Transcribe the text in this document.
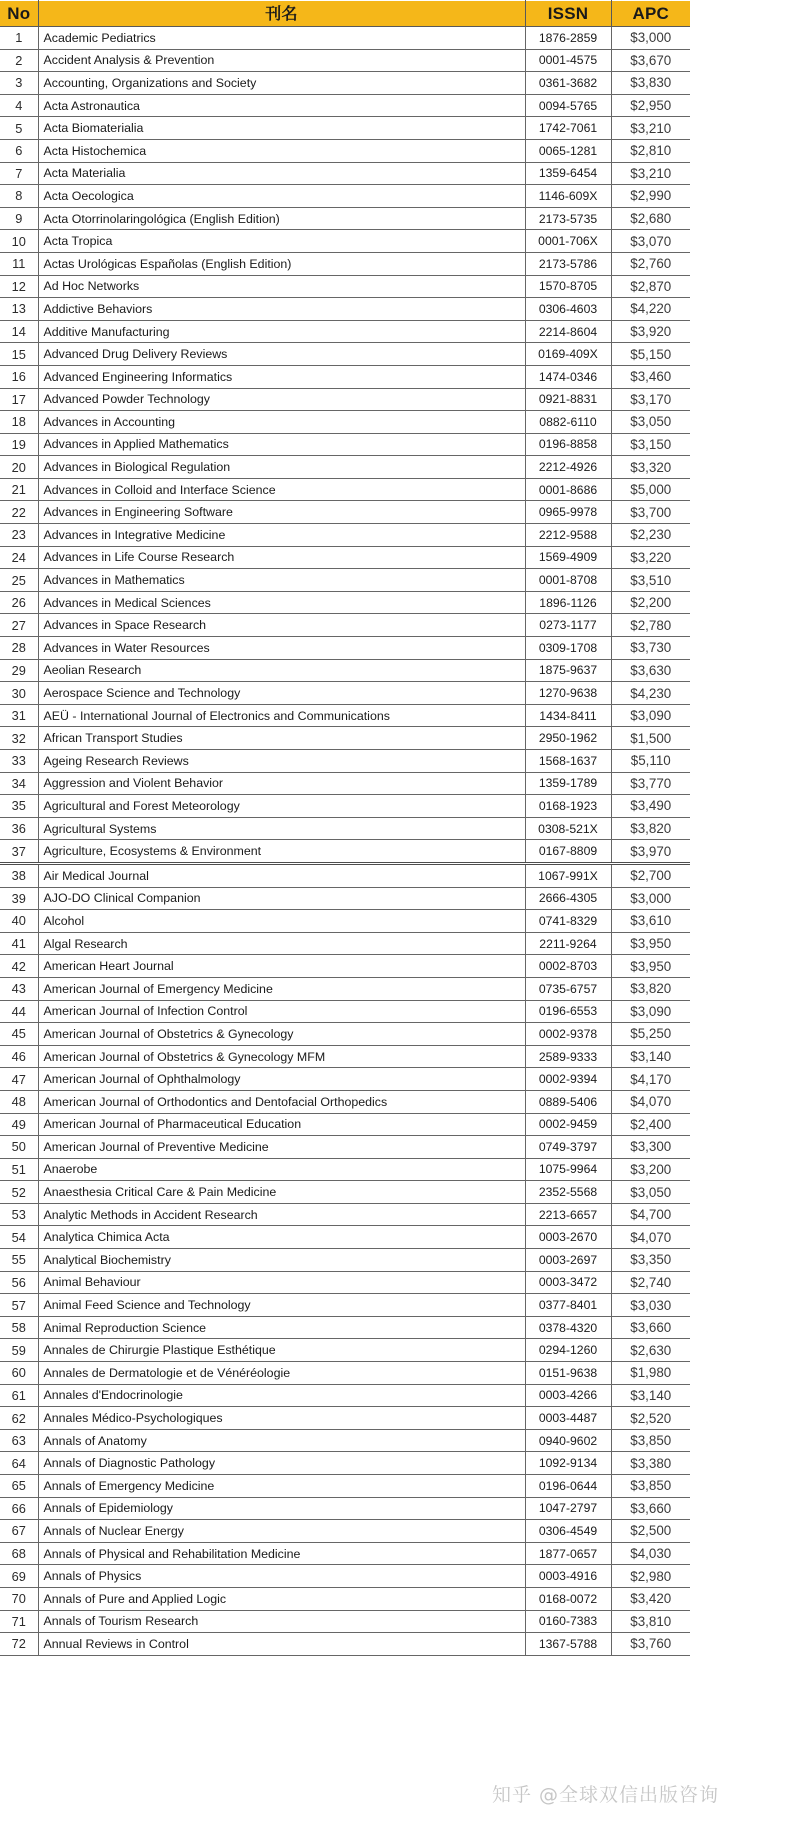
No	刊名	ISSN	APC
1	Academic Pediatrics	1876-2859	$3,000
2	Accident Analysis & Prevention	0001-4575	$3,670
3	Accounting, Organizations and Society	0361-3682	$3,830
4	Acta Astronautica	0094-5765	$2,950
5	Acta Biomaterialia	1742-7061	$3,210
6	Acta Histochemica	0065-1281	$2,810
7	Acta Materialia	1359-6454	$3,210
8	Acta Oecologica	1146-609X	$2,990
9	Acta Otorrinolaringológica (English Edition)	2173-5735	$2,680
10	Acta Tropica	0001-706X	$3,070
11	Actas Urológicas Españolas (English Edition)	2173-5786	$2,760
12	Ad Hoc Networks	1570-8705	$2,870
13	Addictive Behaviors	0306-4603	$4,220
14	Additive Manufacturing	2214-8604	$3,920
15	Advanced Drug Delivery Reviews	0169-409X	$5,150
16	Advanced Engineering Informatics	1474-0346	$3,460
17	Advanced Powder Technology	0921-8831	$3,170
18	Advances in Accounting	0882-6110	$3,050
19	Advances in Applied Mathematics	0196-8858	$3,150
20	Advances in Biological Regulation	2212-4926	$3,320
21	Advances in Colloid and Interface Science	0001-8686	$5,000
22	Advances in Engineering Software	0965-9978	$3,700
23	Advances in Integrative Medicine	2212-9588	$2,230
24	Advances in Life Course Research	1569-4909	$3,220
25	Advances in Mathematics	0001-8708	$3,510
26	Advances in Medical Sciences	1896-1126	$2,200
27	Advances in Space Research	0273-1177	$2,780
28	Advances in Water Resources	0309-1708	$3,730
29	Aeolian Research	1875-9637	$3,630
30	Aerospace Science and Technology	1270-9638	$4,230
31	AEÜ - International Journal of Electronics and Communications	1434-8411	$3,090
32	African Transport Studies	2950-1962	$1,500
33	Ageing Research Reviews	1568-1637	$5,110
34	Aggression and Violent Behavior	1359-1789	$3,770
35	Agricultural and Forest Meteorology	0168-1923	$3,490
36	Agricultural Systems	0308-521X	$3,820
37	Agriculture, Ecosystems & Environment	0167-8809	$3,970
38	Air Medical Journal	1067-991X	$2,700
39	AJO-DO Clinical Companion	2666-4305	$3,000
40	Alcohol	0741-8329	$3,610
41	Algal Research	2211-9264	$3,950
42	American Heart Journal	0002-8703	$3,950
43	American Journal of Emergency Medicine	0735-6757	$3,820
44	American Journal of Infection Control	0196-6553	$3,090
45	American Journal of Obstetrics & Gynecology	0002-9378	$5,250
46	American Journal of Obstetrics & Gynecology MFM	2589-9333	$3,140
47	American Journal of Ophthalmology	0002-9394	$4,170
48	American Journal of Orthodontics and Dentofacial Orthopedics	0889-5406	$4,070
49	American Journal of Pharmaceutical Education	0002-9459	$2,400
50	American Journal of Preventive Medicine	0749-3797	$3,300
51	Anaerobe	1075-9964	$3,200
52	Anaesthesia Critical Care & Pain Medicine	2352-5568	$3,050
53	Analytic Methods in Accident Research	2213-6657	$4,700
54	Analytica Chimica Acta	0003-2670	$4,070
55	Analytical Biochemistry	0003-2697	$3,350
56	Animal Behaviour	0003-3472	$2,740
57	Animal Feed Science and Technology	0377-8401	$3,030
58	Animal Reproduction Science	0378-4320	$3,660
59	Annales de Chirurgie Plastique Esthétique	0294-1260	$2,630
60	Annales de Dermatologie et de Vénéréologie	0151-9638	$1,980
61	Annales d'Endocrinologie	0003-4266	$3,140
62	Annales Médico-Psychologiques	0003-4487	$2,520
63	Annals of Anatomy	0940-9602	$3,850
64	Annals of Diagnostic Pathology	1092-9134	$3,380
65	Annals of Emergency Medicine	0196-0644	$3,850
66	Annals of Epidemiology	1047-2797	$3,660
67	Annals of Nuclear Energy	0306-4549	$2,500
68	Annals of Physical and Rehabilitation Medicine	1877-0657	$4,030
69	Annals of Physics	0003-4916	$2,980
70	Annals of Pure and Applied Logic	0168-0072	$3,420
71	Annals of Tourism Research	0160-7383	$3,810
72	Annual Reviews in Control	1367-5788	$3,760
知乎 @全球双信出版咨询
